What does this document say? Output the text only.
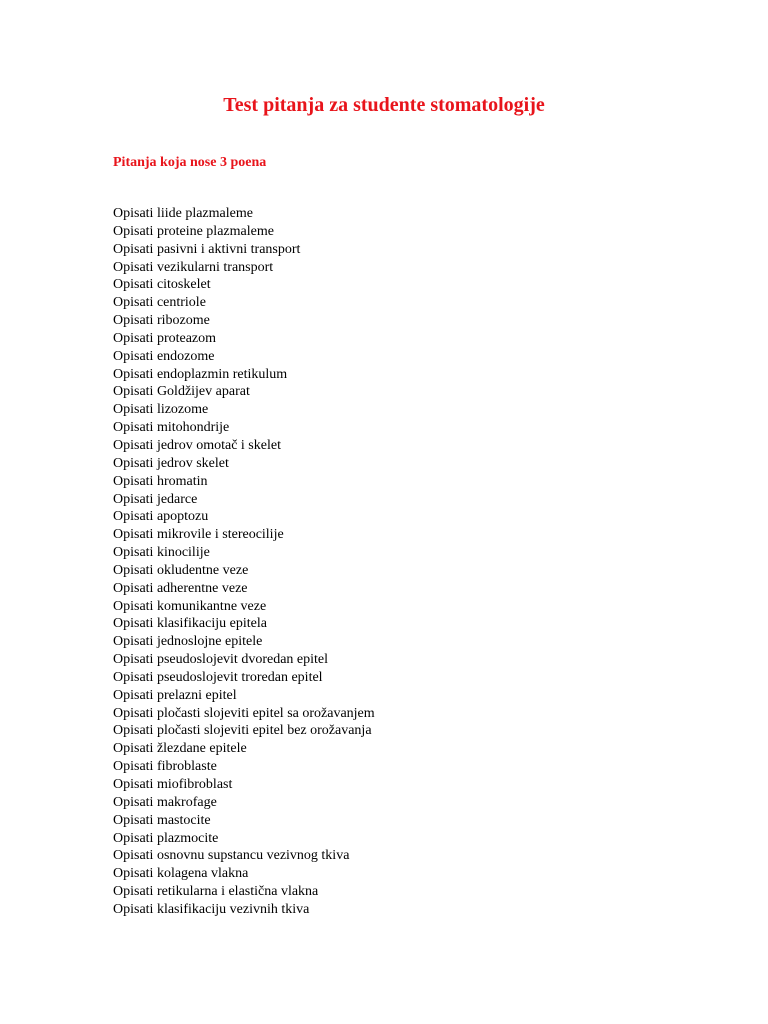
Test pitanja za studente stomatologije
Pitanja koja nose 3 poena
Opisati liide plazmaleme
Opisati proteine plazmaleme
Opisati pasivni i aktivni transport
Opisati vezikularni transport
Opisati citoskelet
Opisati centriole
Opisati ribozome
Opisati proteazom
Opisati endozome
Opisati endoplazmin retikulum
Opisati Goldžijev aparat
Opisati lizozome
Opisati mitohondrije
Opisati jedrov omotač i skelet
Opisati jedrov skelet
Opisati hromatin
Opisati jedarce
Opisati apoptozu
Opisati mikrovile i stereocilije
Opisati kinocilije
Opisati okludentne veze
Opisati adherentne veze
Opisati komunikantne veze
Opisati klasifikaciju epitela
Opisati jednoslojne epitele
Opisati pseudoslojevit dvoredan epitel
Opisati pseudoslojevit troredan epitel
Opisati prelazni epitel
Opisati pločasti slojeviti epitel sa orožavanjem
Opisati pločasti slojeviti epitel bez orožavanja
Opisati žlezdane epitele
Opisati fibroblaste
Opisati miofibroblast
Opisati makrofage
Opisati mastocite
Opisati plazmocite
Opisati osnovnu supstancu vezivnog tkiva
Opisati kolagena vlakna
Opisati retikularna i elastična vlakna
Opisati klasifikaciju vezivnih tkiva
